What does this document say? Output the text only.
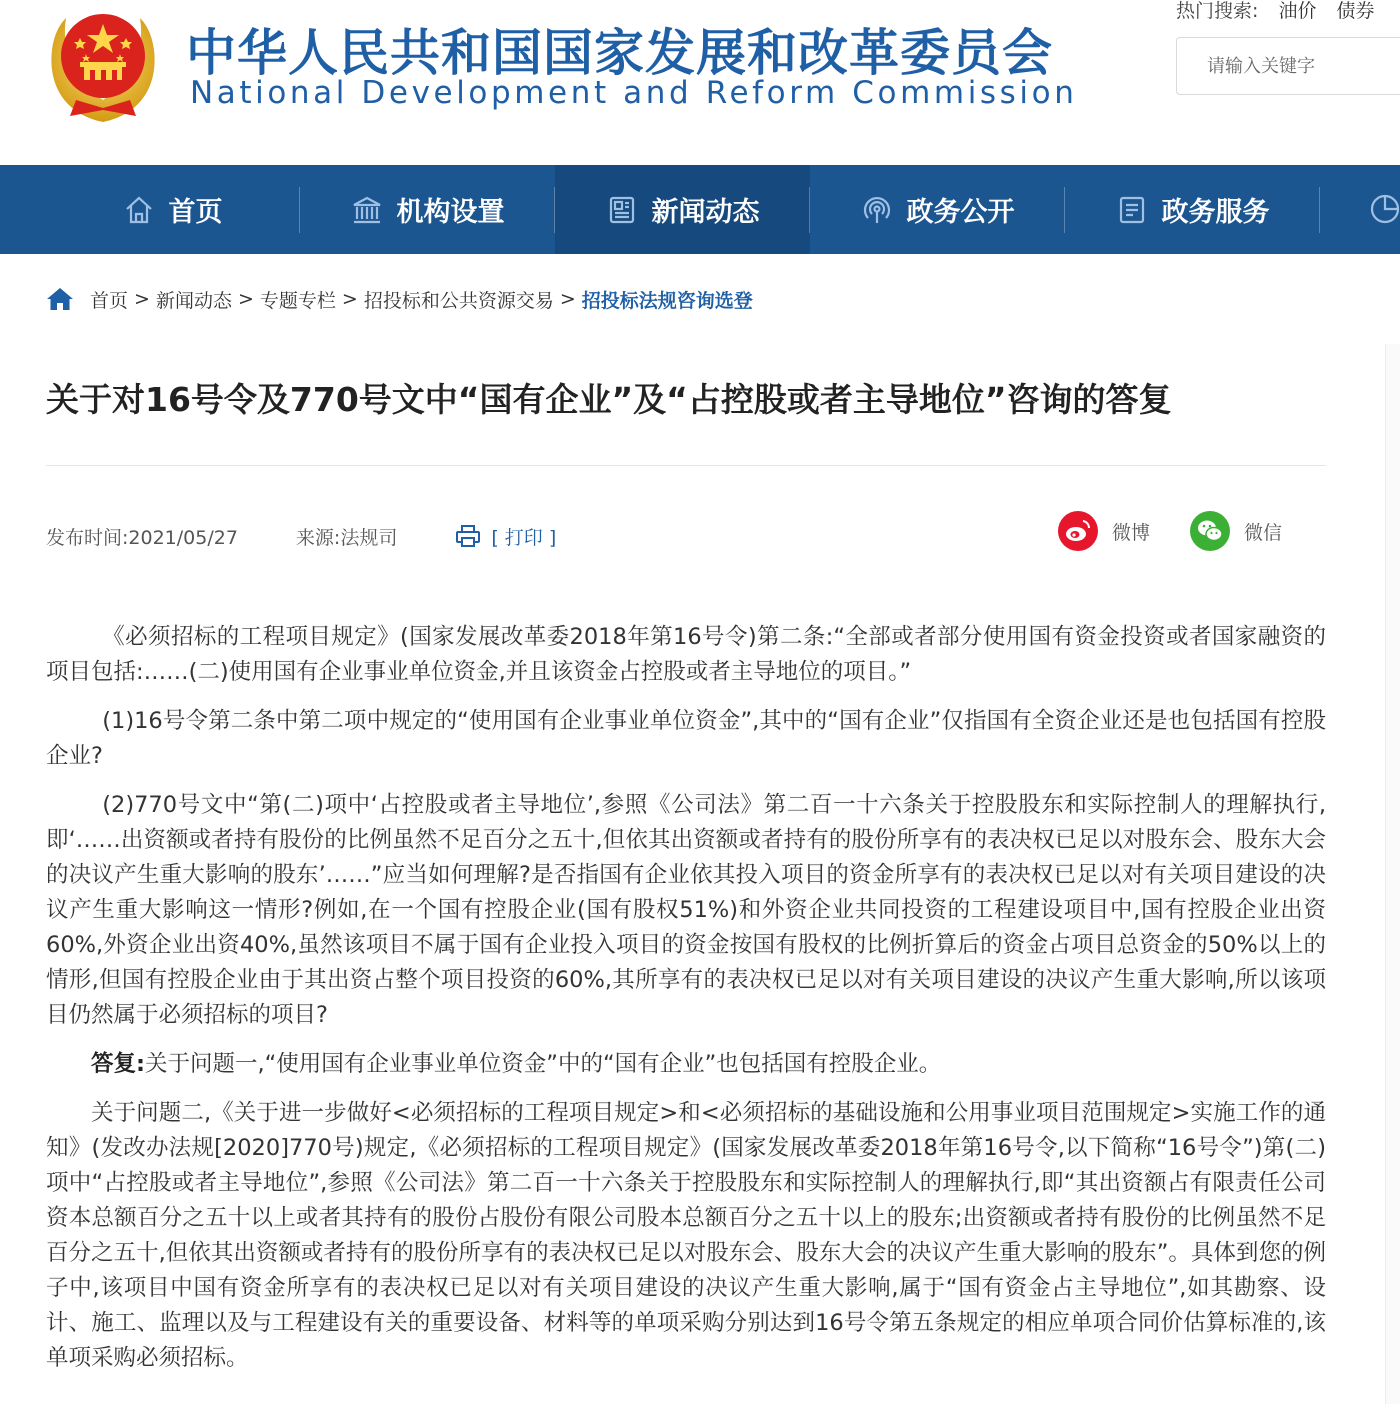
中华人民共和国国家发展和改革委员会
National Development and Reform Commission
热门搜索: 油价 债券
请输入关键字
首页	机构设置	新闻动态	政务公开	政务服务
首页 > 新闻动态 > 专题专栏 > 招投标和公共资源交易 > 招投标法规咨询选登
关于对16号令及770号文中“国有企业”及“占控股或者主导地位”咨询的答复
发布时间:2021/05/27	来源:法规司	[ 打印 ]	微博	微信

《必须招标的工程项目规定》(国家发展改革委2018年第16号令)第二条:“全部或者部分使用国有资金投资或者国家融资的项目包括:……(二)使用国有企业事业单位资金,并且该资金占控股或者主导地位的项目。”

(1)16号令第二条中第二项中规定的“使用国有企业事业单位资金”,其中的“国有企业”仅指国有全资企业还是也包括国有控股企业?

(2)770号文中“第(二)项中‘占控股或者主导地位’,参照《公司法》第二百一十六条关于控股股东和实际控制人的理解执行,即‘……出资额或者持有股份的比例虽然不足百分之五十,但依其出资额或者持有的股份所享有的表决权已足以对股东会、股东大会的决议产生重大影响的股东’……”应当如何理解?是否指国有企业依其投入项目的资金所享有的表决权已足以对有关项目建设的决议产生重大影响这一情形?例如,在一个国有控股企业(国有股权51%)和外资企业共同投资的工程建设项目中,国有控股企业出资60%,外资企业出资40%,虽然该项目不属于国有企业投入项目的资金按国有股权的比例折算后的资金占项目总资金的50%以上的情形,但国有控股企业由于其出资占整个项目投资的60%,其所享有的表决权已足以对有关项目建设的决议产生重大影响,所以该项目仍然属于必须招标的项目?

答复:关于问题一,“使用国有企业事业单位资金”中的“国有企业”也包括国有控股企业。

关于问题二,《关于进一步做好<必须招标的工程项目规定>和<必须招标的基础设施和公用事业项目范围规定>实施工作的通知》(发改办法规[2020]770号)规定,《必须招标的工程项目规定》(国家发展改革委2018年第16号令,以下简称“16号令”)第(二)项中“占控股或者主导地位”,参照《公司法》第二百一十六条关于控股股东和实际控制人的理解执行,即“其出资额占有限责任公司资本总额百分之五十以上或者其持有的股份占股份有限公司股本总额百分之五十以上的股东;出资额或者持有股份的比例虽然不足百分之五十,但依其出资额或者持有的股份所享有的表决权已足以对股东会、股东大会的决议产生重大影响的股东”。具体到您的例子中,该项目中国有资金所享有的表决权已足以对有关项目建设的决议产生重大影响,属于“国有资金占主导地位”,如其勘察、设计、施工、监理以及与工程建设有关的重要设备、材料等的单项采购分别达到16号令第五条规定的相应单项合同价估算标准的,该单项采购必须招标。
